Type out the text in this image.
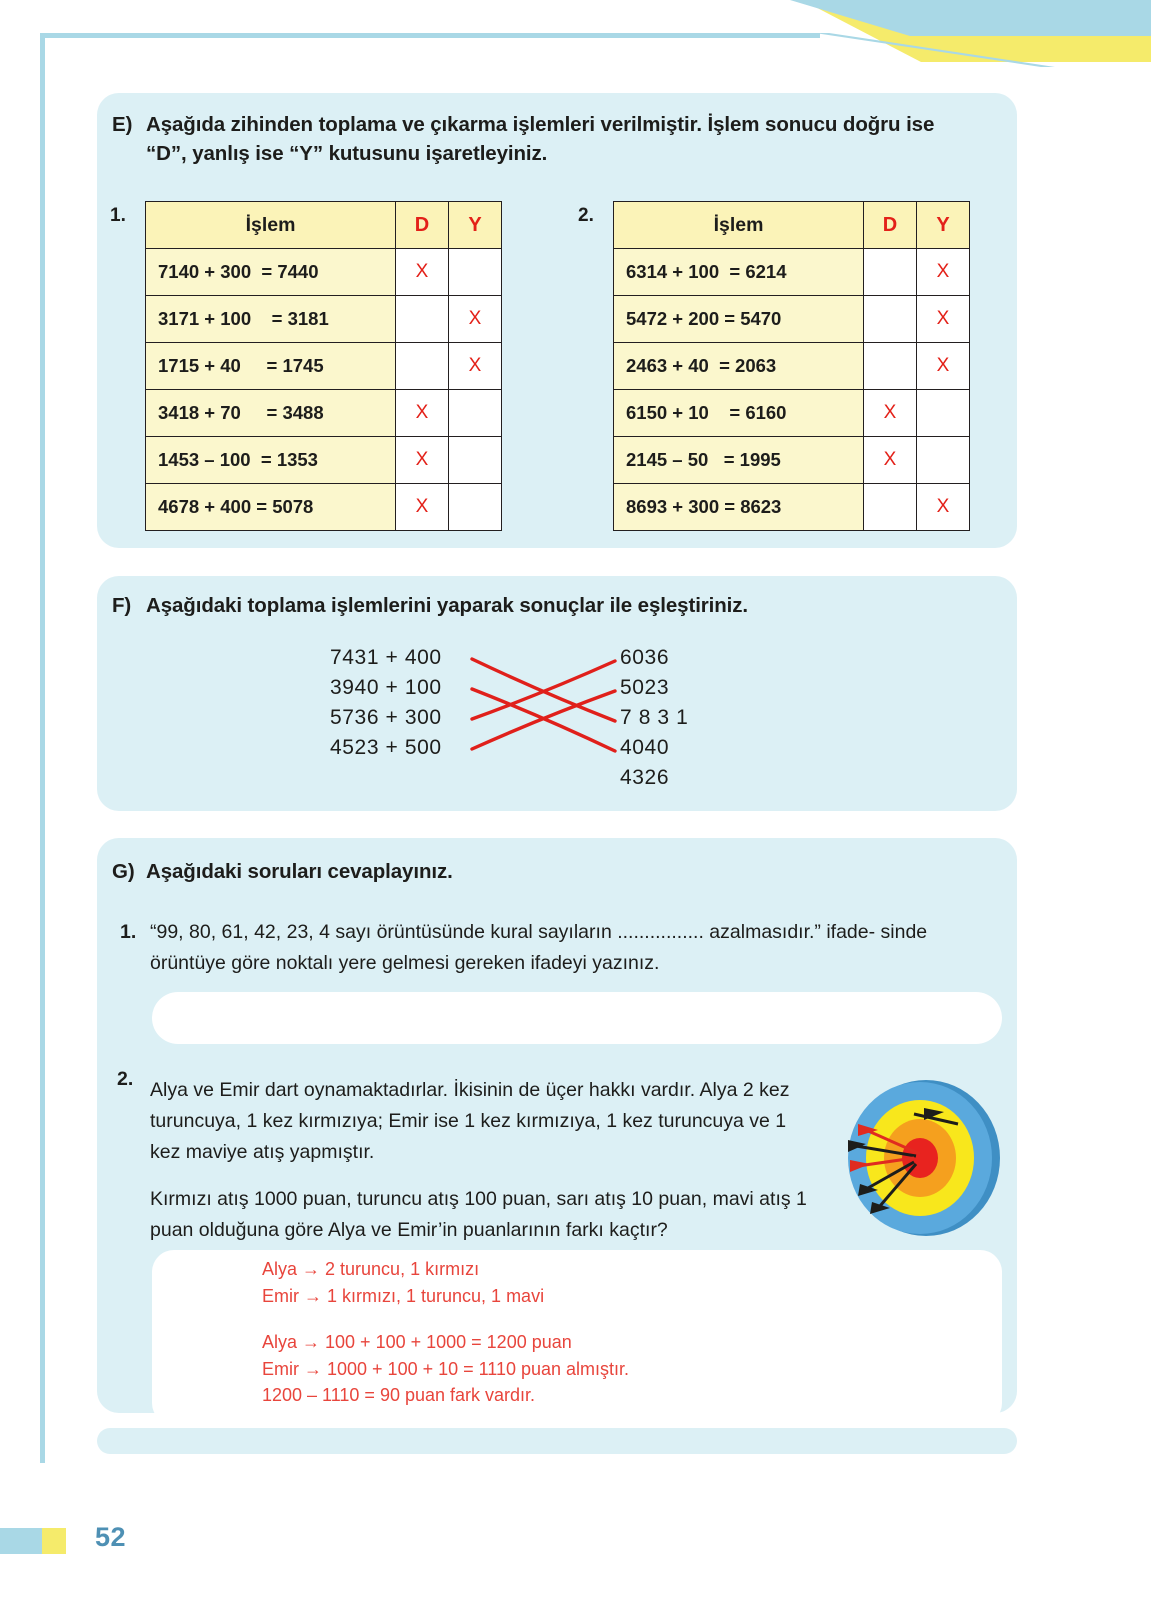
52
E) Aşağıda zihinden toplama ve çıkarma işlemleri verilmiştir. İşlem sonucu doğru ise “D”, yanlış ise “Y” kutusunu işaretleyiniz.
1.	İşlem	D	Y
7140 + 300  = 7440	X	
3171 + 100    = 3181		X
1715 + 40     = 1745		X
3418 + 70     = 3488	X	
1453 – 100  = 1353	X	
4678 + 400 = 5078	X	
2.	İşlem	D	Y
6314 + 100  = 6214		X
5472 + 200 = 5470		X
2463 + 40  = 2063		X
6150 + 10    = 6160	X	
2145 – 50   = 1995	X	
8693 + 300 = 8623		X
F) Aşağıdaki toplama işlemlerini yaparak sonuçlar ile eşleştiriniz.
7431 + 400
3940 + 100
5736 + 300
4523 + 500
6036
5023
7 8 3 1
4040
4326
G) Aşağıdaki soruları cevaplayınız.
1. “99, 80, 61, 42, 23, 4 sayı örüntüsünde kural sayıların ................ azalmasıdır.” ifade- sinde örüntüye göre noktalı yere gelmesi gereken ifadeyi yazınız.
2. Alya ve Emir dart oynamaktadırlar. İkisinin de üçer hakkı vardır. Alya 2 kez turuncuya, 1 kez kırmızıya; Emir ise 1 kez kırmızıya, 1 kez turuncuya ve 1 kez maviye atış yapmıştır.

Kırmızı atış 1000 puan, turuncu atış 100 puan, sarı atış 10 puan, mavi atış 1 puan olduğuna göre Alya ve Emir’in puanlarının farkı kaçtır?

Alya → 2 turuncu, 1 kırmızı
Emir → 1 kırmızı, 1 turuncu, 1 mavi
Alya → 100 + 100 + 1000 = 1200 puan
Emir → 1000 + 100 + 10 = 1110 puan almıştır.
1200 – 1110 = 90 puan fark vardır.
